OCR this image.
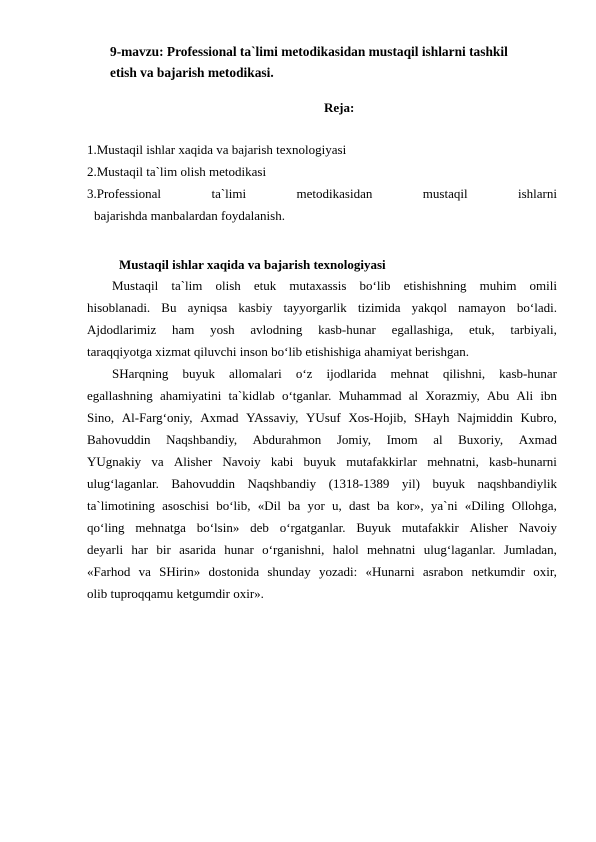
9-mavzu: Professional ta`limi metodikasidan mustaqil ishlarni tashkil
etish va bajarish metodikasi.
Reja:
1.Mustaqil ishlar xaqida va bajarish texnologiyasi
2.Mustaqil ta`lim olish metodikasi
3.Professional	ta`limi	metodikasidan	mustaqil	ishlarni
bajarishda manbalardan foydalanish.
Mustaqil ishlar xaqida va bajarish texnologiyasi
Mustaqil ta`lim olish etuk mutaxassis bo‘lib etishishning muhim omili
hisoblanadi. Bu ayniqsa kasbiy tayyorgarlik tizimida yakqol namayon bo‘ladi.
Ajdodlarimiz ham yosh avlodning kasb-hunar egallashiga, etuk, tarbiyali,
taraqqiyotga xizmat qiluvchi inson bo‘lib etishishiga ahamiyat berishgan.
SHarqning buyuk allomalari o‘z ijodlarida mehnat qilishni, kasb-hunar
egallashning ahamiyatini ta`kidlab o‘tganlar. Muhammad al Xorazmiy, Abu Ali ibn
Sino, Al-Farg‘oniy, Axmad YAssaviy, YUsuf Xos-Hojib, SHayh Najmiddin Kubro,
Bahovuddin Naqshbandiy, Abdurahmon Jomiy, Imom al Buxoriy, Axmad
YUgnakiy va Alisher Navoiy kabi buyuk mutafakkirlar mehnatni, kasb-hunarni
ulug‘laganlar. Bahovuddin Naqshbandiy (1318-1389 yil) buyuk naqshbandiylik
ta`limotining asoschisi bo‘lib, «Dil ba yor u, dast ba kor», ya`ni «Diling Ollohga,
qo‘ling mehnatga bo‘lsin» deb o‘rgatganlar. Buyuk mutafakkir Alisher Navoiy
deyarli har bir asarida hunar o‘rganishni, halol mehnatni ulug‘laganlar. Jumladan,
«Farhod va SHirin» dostonida shunday yozadi: «Hunarni asrabon netkumdir oxir,
olib tuproqqamu ketgumdir oxir».
